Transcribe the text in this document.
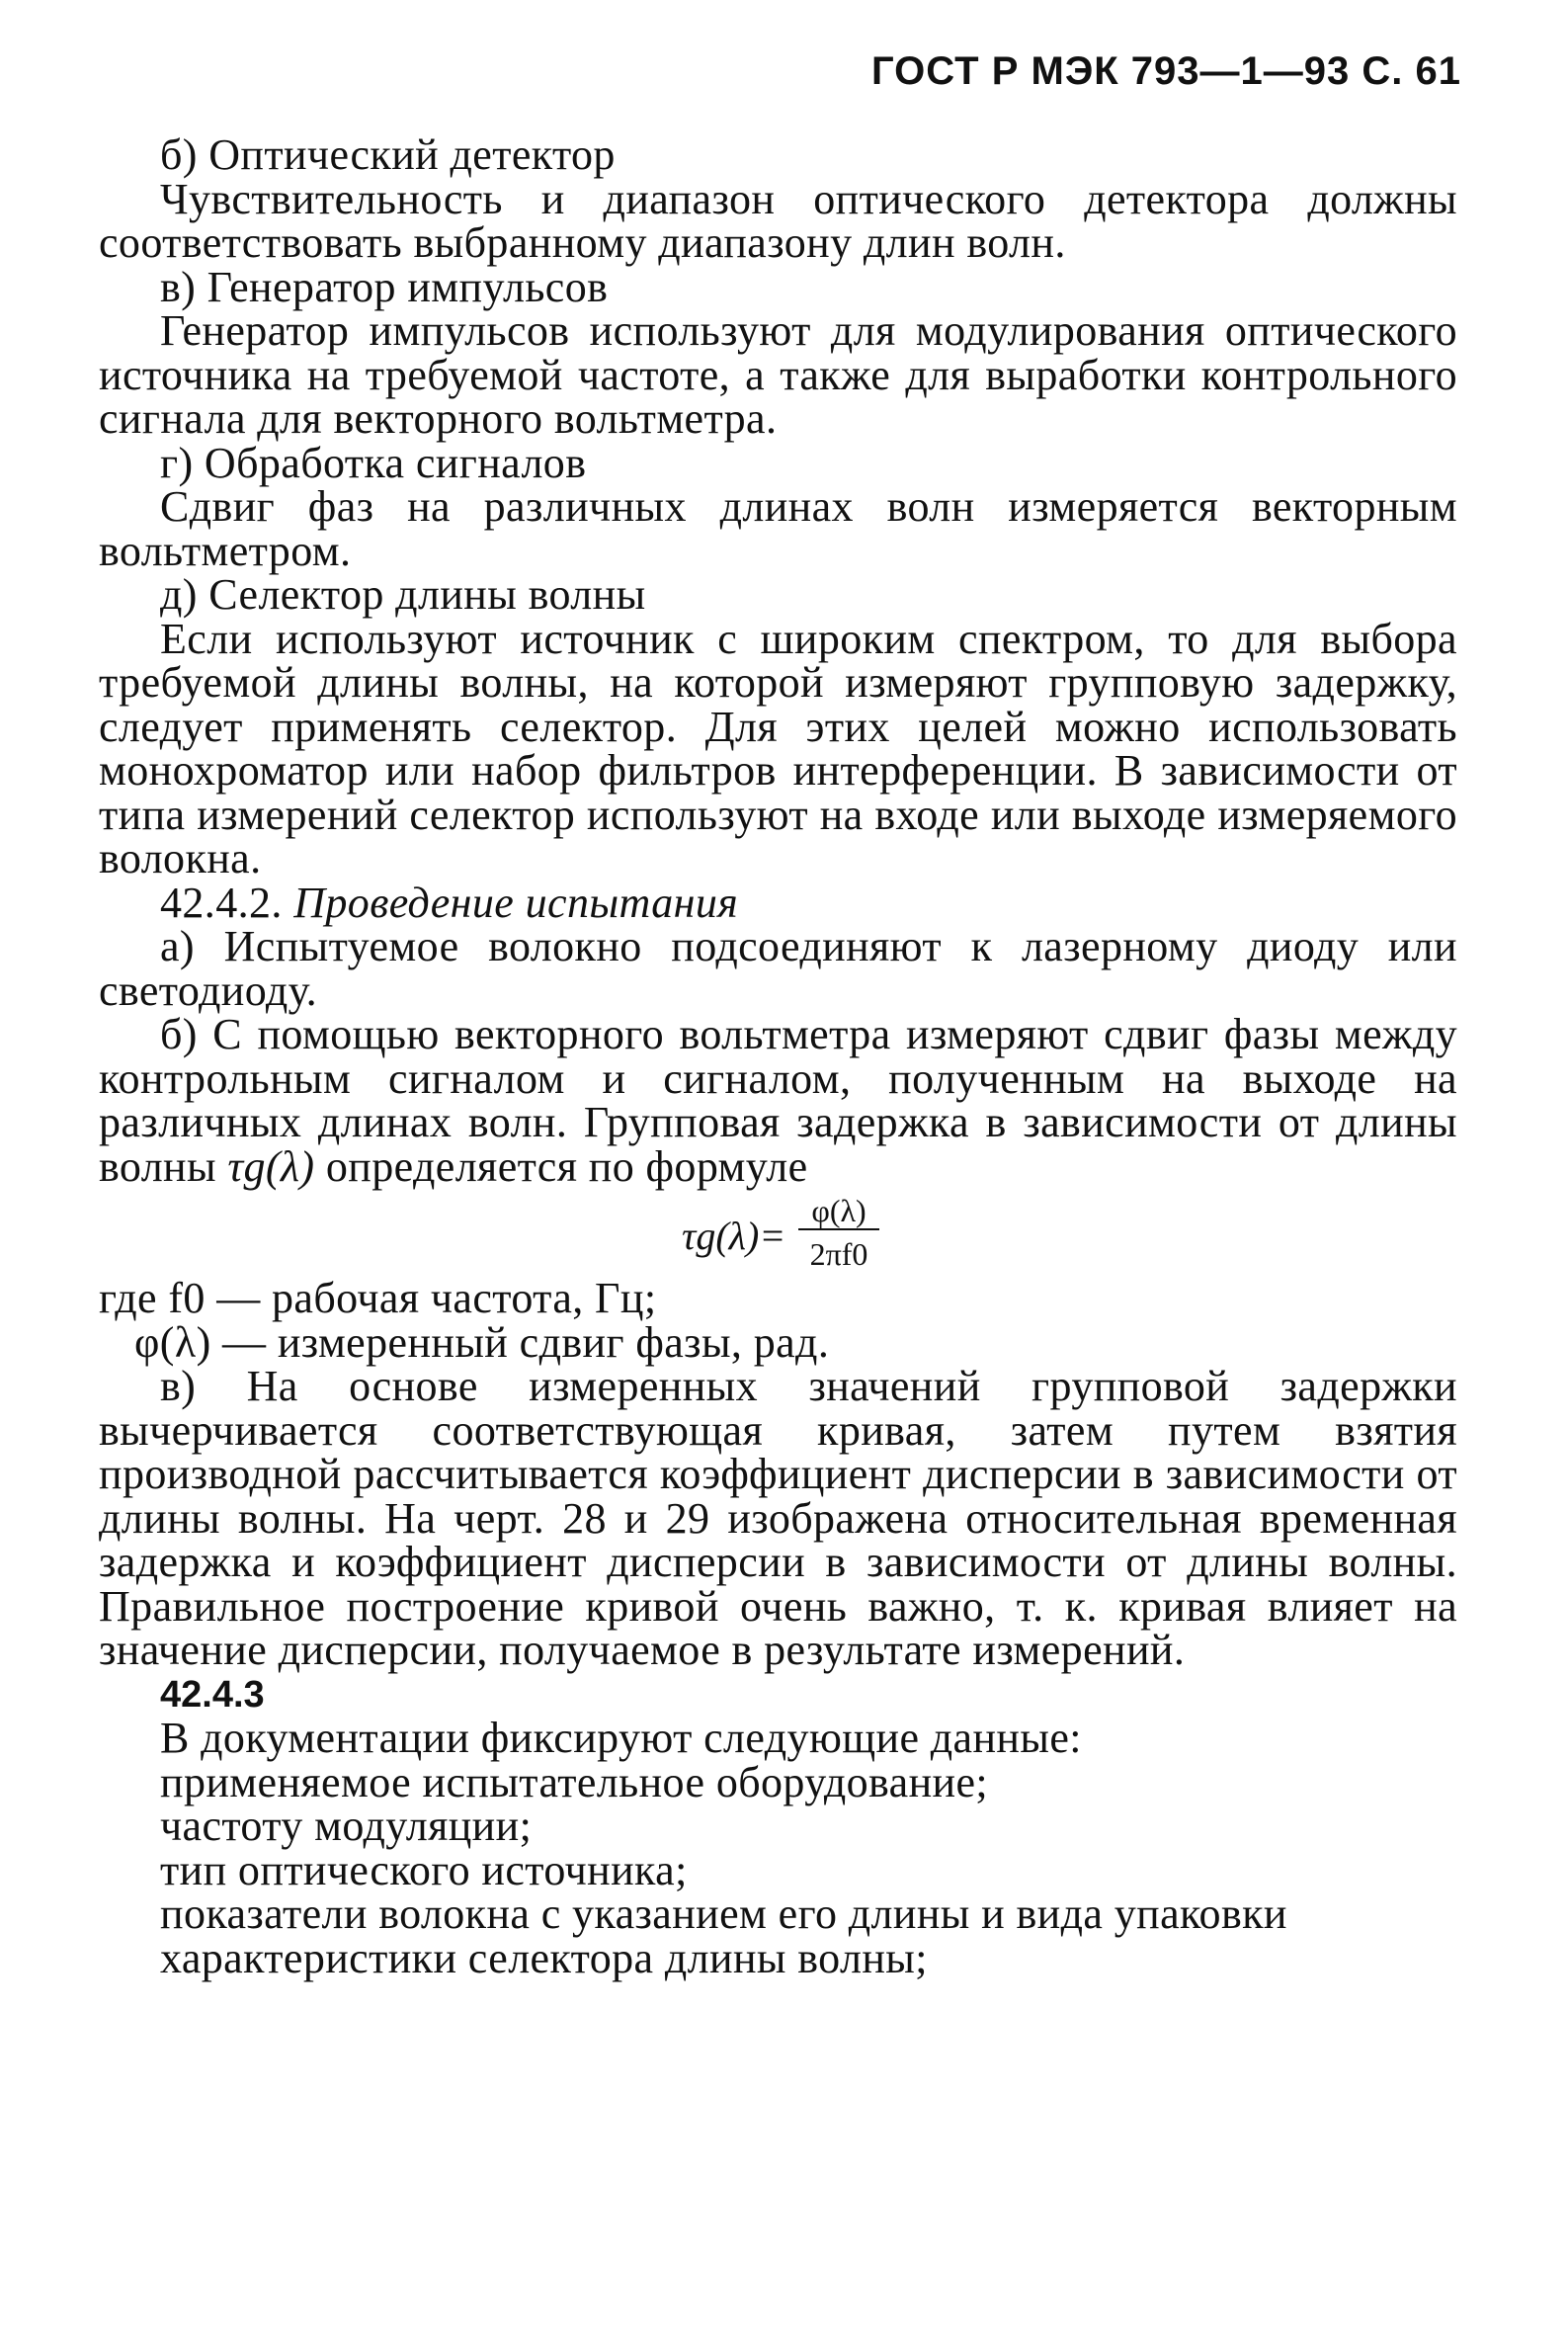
ГОСТ Р МЭК 793—1—93 С. 61

б) Оптический детектор

Чувствительность и диапазон оптического детектора должны соответствовать выбранному диапазону длин волн.

в) Генератор импульсов

Генератор импульсов используют для модулирования оптического источника на требуемой частоте, а также для выработки контрольного сигнала для векторного вольтметра.

г) Обработка сигналов

Сдвиг фаз на различных длинах волн измеряется векторным вольтметром.

д) Селектор длины волны

Если используют источник с широким спектром, то для выбора требуемой длины волны, на которой измеряют групповую задержку, следует применять селектор. Для этих целей можно использовать монохроматор или набор фильтров интерференции. В зависимости от типа измерений селектор используют на входе или выходе измеряемого волокна.

42.4.2. Проведение испытания

а) Испытуемое волокно подсоединяют к лазерному диоду или светодиоду.

б) С помощью векторного вольтметра измеряют сдвиг фазы между контрольным сигналом и сигналом, полученным на выходе на различных длинах волн. Групповая задержка в зависимости от длины волны τg(λ) определяется по формуле

τg(λ)=
φ(λ)
2πf0

где f0 — рабочая частота, Гц;

φ(λ) — измеренный сдвиг фазы, рад.

в) На основе измеренных значений групповой задержки вычерчивается соответствующая кривая, затем путем взятия производной рассчитывается коэффициент дисперсии в зависимости от длины волны. На черт. 28 и 29 изображена относительная временная задержка и коэффициент дисперсии в зависимости от длины волны. Правильное построение кривой очень важно, т. к. кривая влияет на значение дисперсии, получаемое в результате измерений.

42.4.3

В документации фиксируют следующие данные:

применяемое испытательное оборудование;

частоту модуляции;

тип оптического источника;

показатели волокна с указанием его длины и вида упаковки

характеристики селектора длины волны;
